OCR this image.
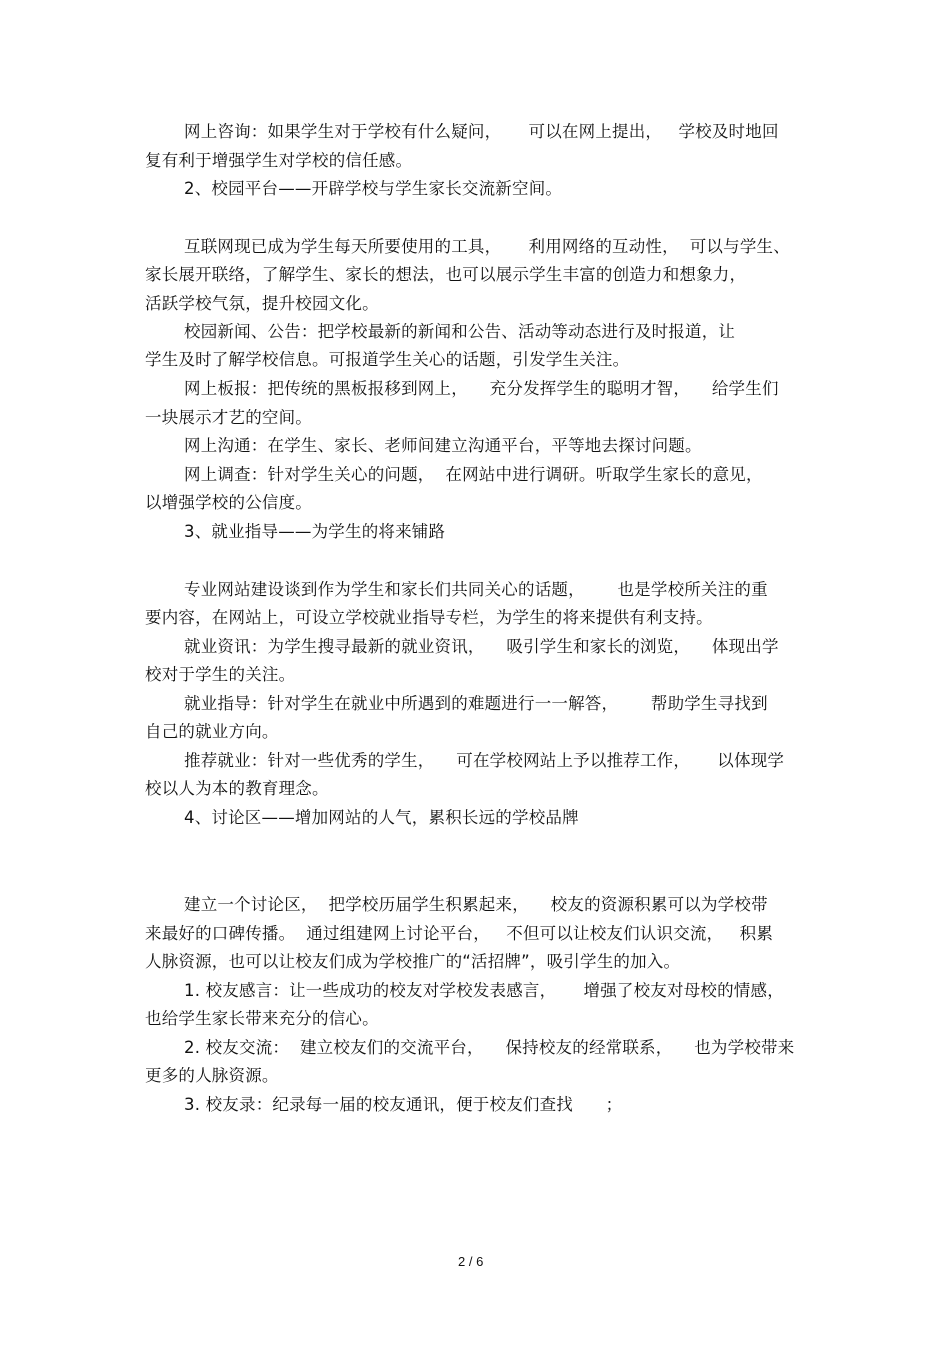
网上咨询：如果学生对于学校有什么疑问，     可以在网上提出，   学校及时地回
复有利于增强学生对学校的信任感。
2、校园平台——开辟学校与学生家长交流新空间。
互联网现已成为学生每天所要使用的工具，     利用网络的互动性，  可以与学生、
家长展开联络，了解学生、家长的想法，也可以展示学生丰富的创造力和想象力，
活跃学校气氛，提升校园文化。
校园新闻、公告：把学校最新的新闻和公告、活动等动态进行及时报道，让
学生及时了解学校信息。可报道学生关心的话题，引发学生关注。
网上板报：把传统的黑板报移到网上，    充分发挥学生的聪明才智，    给学生们
一块展示才艺的空间。
网上沟通：在学生、家长、老师间建立沟通平台，平等地去探讨问题。
网上调查：针对学生关心的问题，  在网站中进行调研。听取学生家长的意见，
以增强学校的公信度。
3、就业指导——为学生的将来铺路
专业网站建设谈到作为学生和家长们共同关心的话题，      也是学校所关注的重
要内容，在网站上，可设立学校就业指导专栏，为学生的将来提供有利支持。
就业资讯：为学生搜寻最新的就业资讯，    吸引学生和家长的浏览，    体现出学
校对于学生的关注。
就业指导：针对学生在就业中所遇到的难题进行一一解答，      帮助学生寻找到
自己的就业方向。
推荐就业：针对一些优秀的学生，    可在学校网站上予以推荐工作，     以体现学
校以人为本的教育理念。
4、讨论区——增加网站的人气，累积长远的学校品牌
建立一个讨论区，  把学校历届学生积累起来，    校友的资源积累可以为学校带
来最好的口碑传播。  通过组建网上讨论平台，   不但可以让校友们认识交流，   积累
人脉资源，也可以让校友们成为学校推广的“活招牌”，吸引学生的加入。
1. 校友感言：让一些成功的校友对学校发表感言，     增强了校友对母校的情感，
也给学生家长带来充分的信心。
2. 校友交流：  建立校友们的交流平台，    保持校友的经常联系，    也为学校带来
更多的人脉资源。
3. 校友录：纪录每一届的校友通讯，便于校友们查找      ；
2 / 6
